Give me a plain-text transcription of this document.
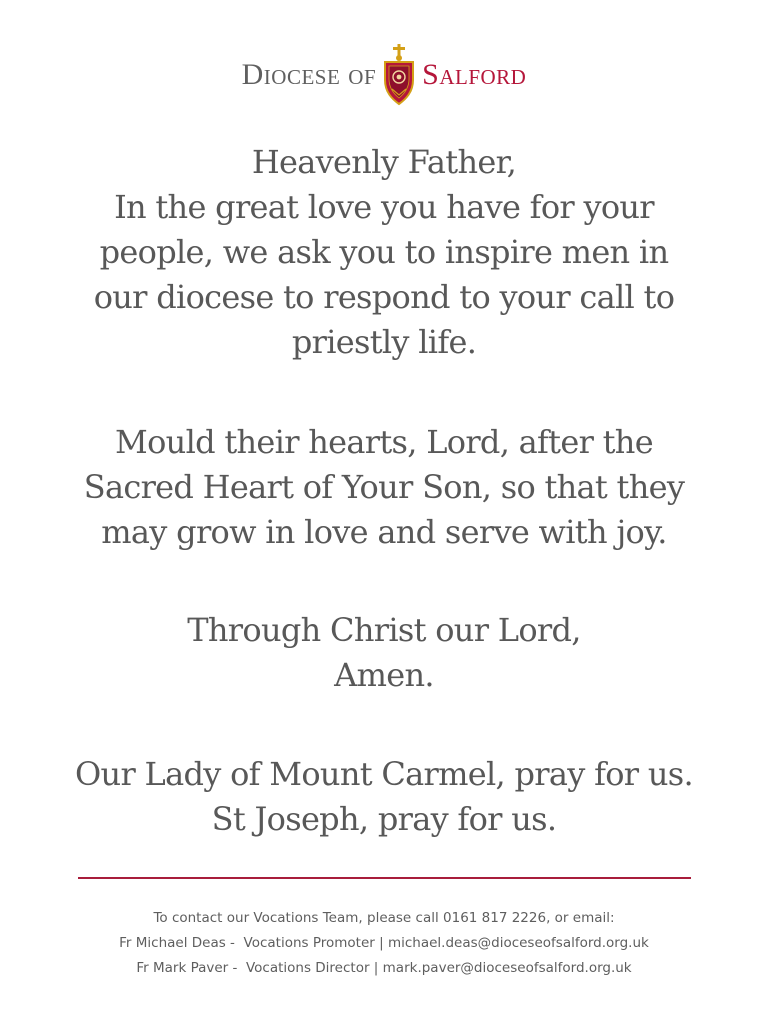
Diocese of Salford
Heavenly Father,
In the great love you have for your
people, we ask you to inspire men in
our diocese to respond to your call to
priestly life.
Mould their hearts, Lord, after the
Sacred Heart of Your Son, so that they
may grow in love and serve with joy.
Through Christ our Lord,
Amen.
Our Lady of Mount Carmel, pray for us.
St Joseph, pray for us.
To contact our Vocations Team, please call 0161 817 2226, or email:
Fr Michael Deas -  Vocations Promoter | michael.deas@dioceseofsalford.org.uk
Fr Mark Paver -  Vocations Director | mark.paver@dioceseofsalford.org.uk
